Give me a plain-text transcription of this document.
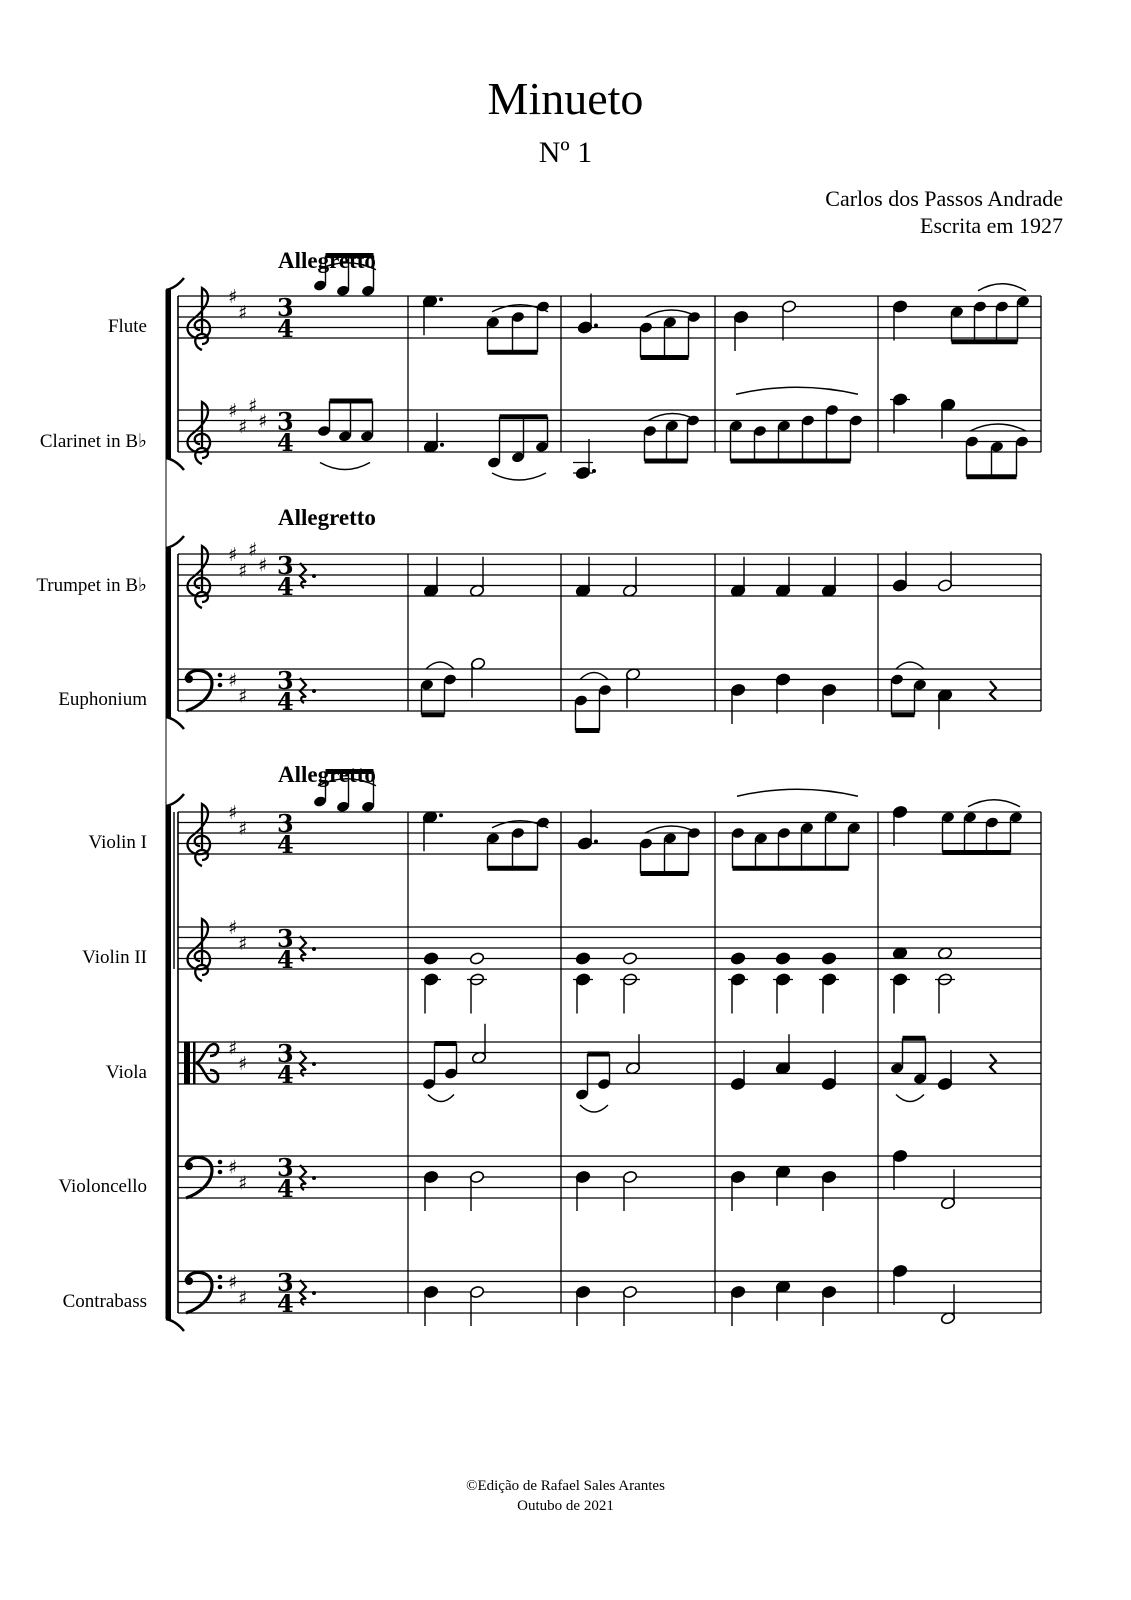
Minueto
Nº 1
Carlos dos Passos Andrade
Escrita em 1927
Allegretto
Allegretto
Allegretto
Flute
Clarinet in B♭
Trumpet in B♭
Euphonium
Violin I
Violin II
Viola
Violoncello
Contrabass
♯
♯ 3
4
♯
♯
♯
♯ 3
4
♯
♯
♯
♯ 3
4
♯
♯
3
4
♯
♯ 3
4
♯
♯ 3
4
♯
♯ 3
4
♯
♯
3
4
♯
♯
3
4
©Edição de Rafael Sales Arantes
Outubo de 2021
